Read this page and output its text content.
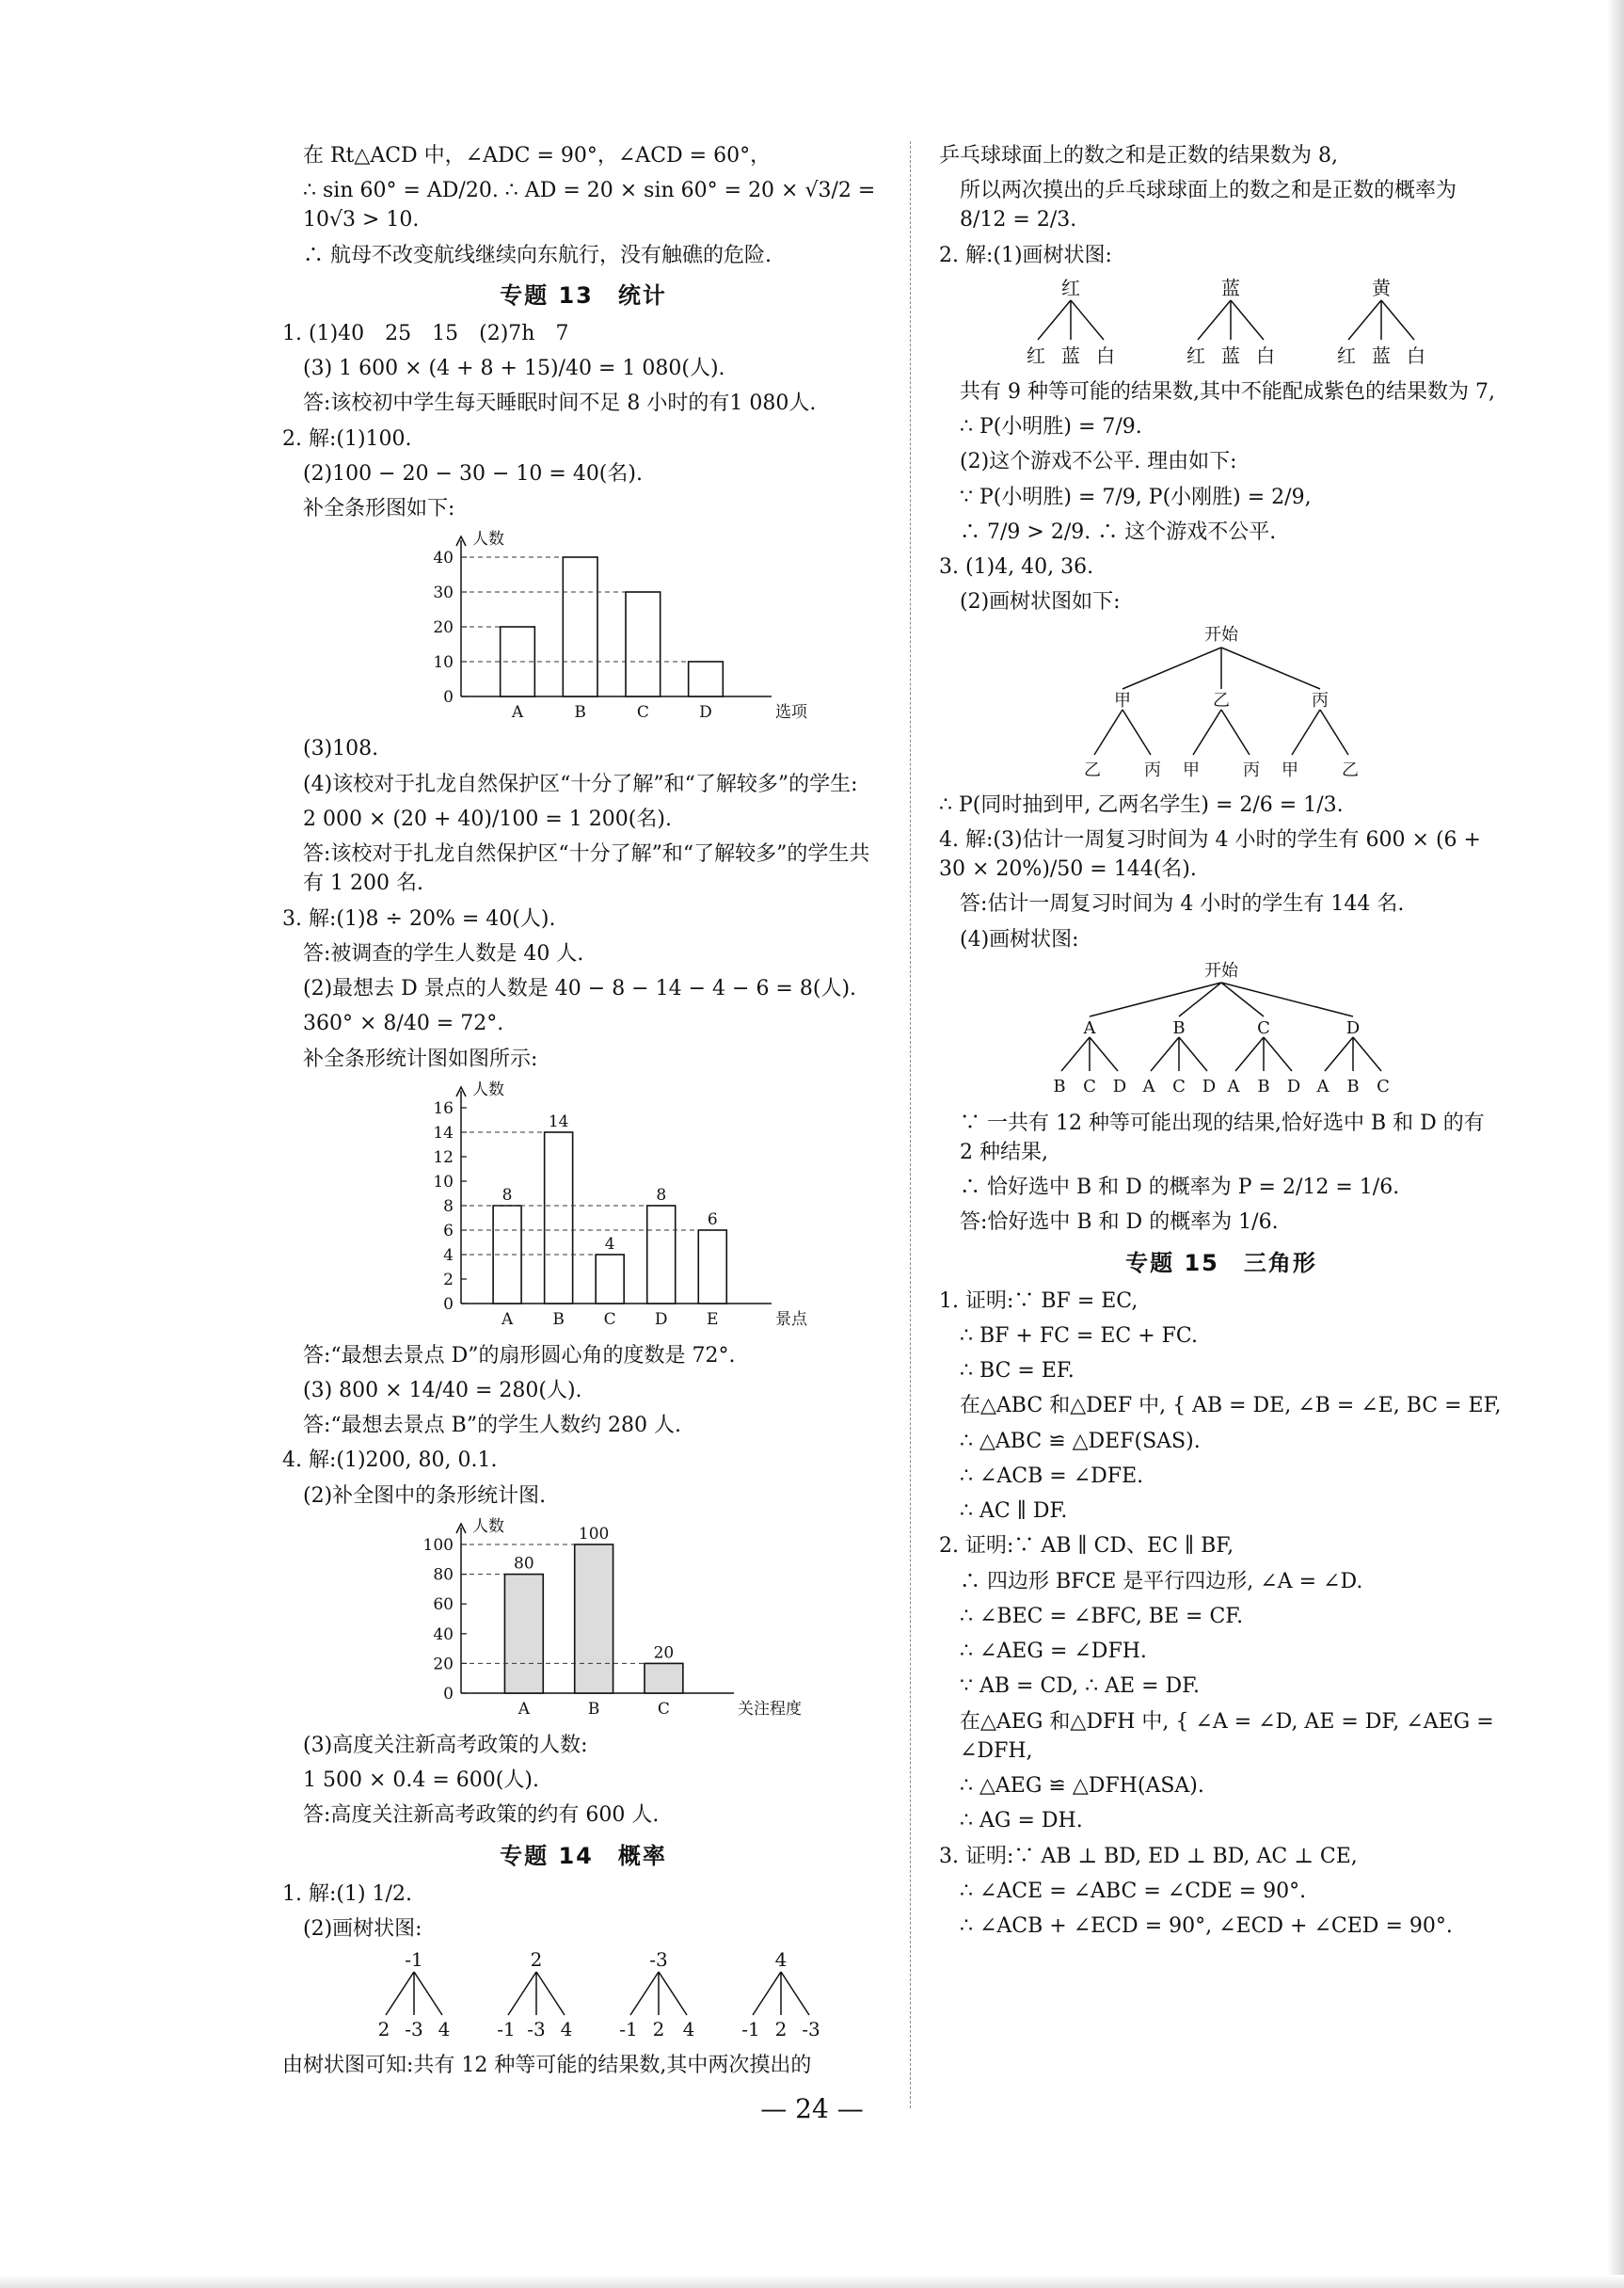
在 Rt△ACD 中，∠ADC = 90°，∠ACD = 60°，

∴ sin 60° = AD/20. ∴ AD = 20 × sin 60° = 20 × √3/2 = 10√3 > 10.

∴ 航母不改变航线继续向东航行，没有触礁的危险.

专题 13　统计

1. (1)40　25　15　(2)7h　7

(3) 1 600 × (4 + 8 + 15)/40 = 1 080(人).

答:该校初中学生每天睡眠时间不足 8 小时的有1 080人.

2. 解:(1)100.

(2)100 − 20 − 30 − 10 = 40(名).

补全条形图如下:

0
10
20
30
40
人数
选项
A	B	C	D

(3)108.

(4)该校对于扎龙自然保护区“十分了解”和“了解较多”的学生:

2 000 × (20 + 40)/100 = 1 200(名).

答:该校对于扎龙自然保护区“十分了解”和“了解较多”的学生共有 1 200 名.

3. 解:(1)8 ÷ 20% = 40(人).

答:被调查的学生人数是 40 人.

(2)最想去 D 景点的人数是 40 − 8 − 14 − 4 − 6 = 8(人).

360° × 8/40 = 72°.

补全条形统计图如图所示:

0
2
4
6
8
10
12
14
16
人数
景点
A
8
B
14
C
4
D
8
E
6

答:“最想去景点 D”的扇形圆心角的度数是 72°.

(3) 800 × 14/40 = 280(人).

答:“最想去景点 B”的学生人数约 280 人.

4. 解:(1)200, 80, 0.1.

(2)补全图中的条形统计图.

0
20
40
60
80
100
人数
关注程度
A
80
B
100
C
20

(3)高度关注新高考政策的人数:

1 500 × 0.4 = 600(人).

答:高度关注新高考政策的约有 600 人.

专题 14　概率

1. 解:(1) 1/2.

(2)画树状图:

-1	2	-3	4
2 -3 4 -1 -3 4 -1 2 4 -1 2 -3

由树状图可知:共有 12 种等可能的结果数,其中两次摸出的

乒乓球球面上的数之和是正数的结果数为 8,

所以两次摸出的乒乓球球面上的数之和是正数的概率为 8/12 = 2/3.

2. 解:(1)画树状图:

红	蓝	黄
红 蓝 白	红 蓝 白	红 蓝 白

共有 9 种等可能的结果数,其中不能配成紫色的结果数为 7,

∴ P(小明胜) = 7/9.

(2)这个游戏不公平. 理由如下:

∵ P(小明胜) = 7/9, P(小刚胜) = 2/9,

∴ 7/9 > 2/9. ∴ 这个游戏不公平.

3. (1)4, 40, 36.

(2)画树状图如下:

开始
甲	乙	丙
乙	丙 甲	丙 甲	乙

∴ P(同时抽到甲, 乙两名学生) = 2/6 = 1/3.

4. 解:(3)估计一周复习时间为 4 小时的学生有 600 × (6 + 30 × 20%)/50 = 144(名).

答:估计一周复习时间为 4 小时的学生有 144 名.

(4)画树状图:

开始
A	B	C	D
B C D A C D A B D A B C

∵ 一共有 12 种等可能出现的结果,恰好选中 B 和 D 的有 2 种结果,

∴ 恰好选中 B 和 D 的概率为 P = 2/12 = 1/6.

答:恰好选中 B 和 D 的概率为 1/6.

专题 15　三角形

1. 证明:∵ BF = EC,

∴ BF + FC = EC + FC.

∴ BC = EF.

在△ABC 和△DEF 中, { AB = DE, ∠B = ∠E, BC = EF,

∴ △ABC ≌ △DEF(SAS).

∴ ∠ACB = ∠DFE.

∴ AC ∥ DF.

2. 证明:∵ AB ∥ CD、EC ∥ BF,

∴ 四边形 BFCE 是平行四边形, ∠A = ∠D.

∴ ∠BEC = ∠BFC, BE = CF.

∴ ∠AEG = ∠DFH.

∵ AB = CD, ∴ AE = DF.

在△AEG 和△DFH 中, { ∠A = ∠D, AE = DF, ∠AEG = ∠DFH,

∴ △AEG ≌ △DFH(ASA).

∴ AG = DH.

3. 证明:∵ AB ⊥ BD, ED ⊥ BD, AC ⊥ CE,

∴ ∠ACE = ∠ABC = ∠CDE = 90°.

∴ ∠ACB + ∠ECD = 90°, ∠ECD + ∠CED = 90°.

— 24 —
